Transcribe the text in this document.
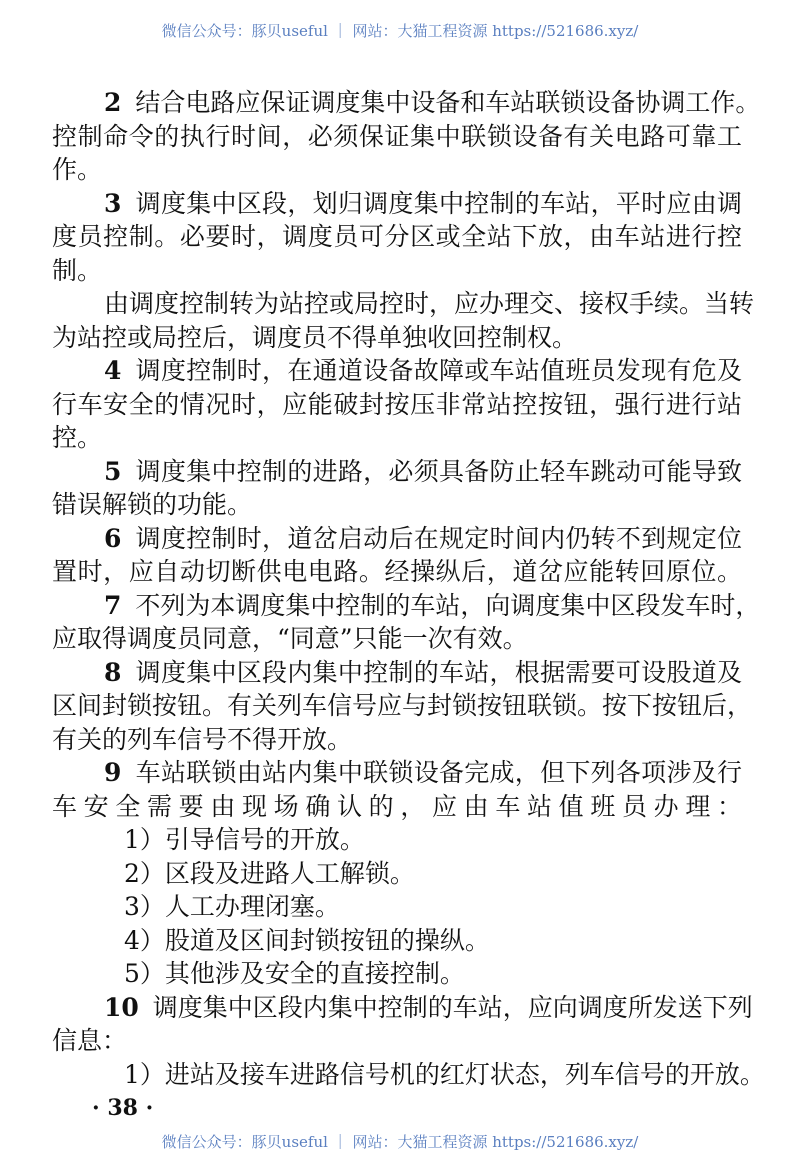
微信公众号：豚贝useful ｜ 网站：大猫工程资源 https://521686.xyz/
2 结合电路应保证调度集中设备和车站联锁设备协调工作。
控制命令的执行时间，必须保证集中联锁设备有关电路可靠工
作。
3 调度集中区段，划归调度集中控制的车站，平时应由调
度员控制。必要时，调度员可分区或全站下放，由车站进行控
制。
由调度控制转为站控或局控时，应办理交、接权手续。当转
为站控或局控后，调度员不得单独收回控制权。
4 调度控制时，在通道设备故障或车站值班员发现有危及
行车安全的情况时，应能破封按压非常站控按钮，强行进行站
控。
5 调度集中控制的进路，必须具备防止轻车跳动可能导致
错误解锁的功能。
6 调度控制时，道岔启动后在规定时间内仍转不到规定位
置时，应自动切断供电电路。经操纵后，道岔应能转回原位。
7 不列为本调度集中控制的车站，向调度集中区段发车时，
应取得调度员同意，“同意”只能一次有效。
8 调度集中区段内集中控制的车站，根据需要可设股道及
区间封锁按钮。有关列车信号应与封锁按钮联锁。按下按钮后，
有关的列车信号不得开放。
9 车站联锁由站内集中联锁设备完成，但下列各项涉及行
车安全需要由现场确认的，应由车站值班员办理：
1）引导信号的开放。
2）区段及进路人工解锁。
3）人工办理闭塞。
4）股道及区间封锁按钮的操纵。
5）其他涉及安全的直接控制。
10 调度集中区段内集中控制的车站，应向调度所发送下列
信息：
1）进站及接车进路信号机的红灯状态，列车信号的开放。
· 38 ·
微信公众号：豚贝useful ｜ 网站：大猫工程资源 https://521686.xyz/
